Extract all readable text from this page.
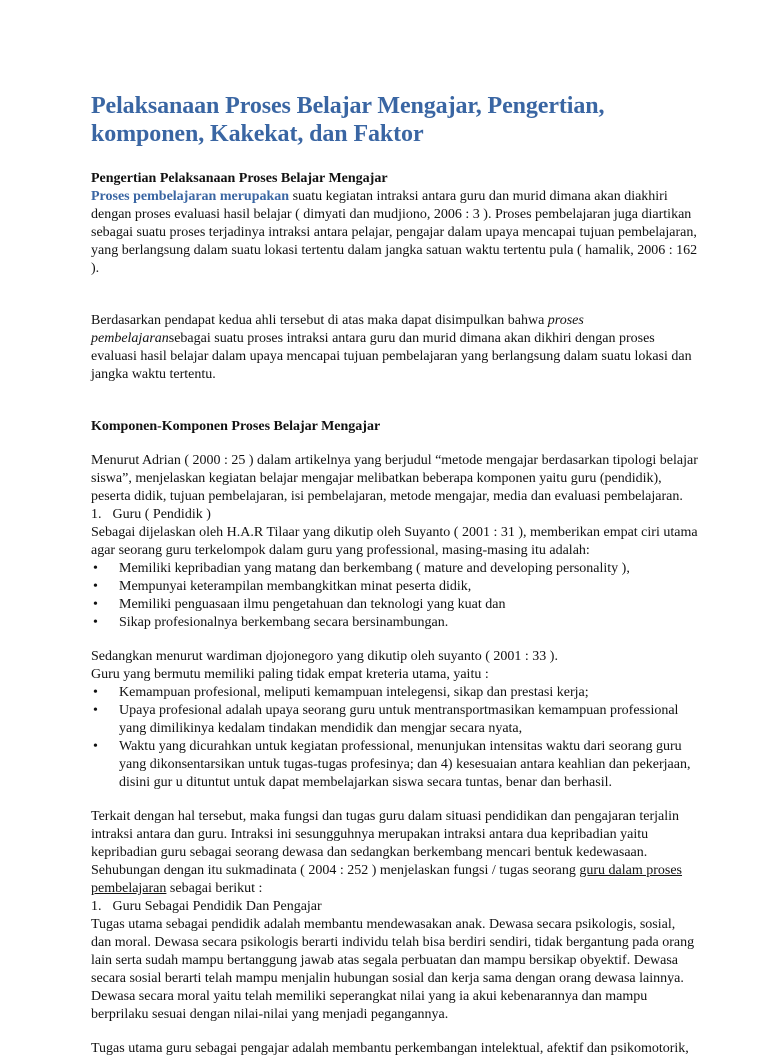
Pelaksanaan Proses Belajar Mengajar, Pengertian, komponen, Kakekat, dan Faktor

Pengertian Pelaksanaan Proses Belajar Mengajar

Proses pembelajaran merupakan suatu kegiatan intraksi antara guru dan murid dimana akan diakhiri dengan proses evaluasi hasil belajar ( dimyati dan mudjiono, 2006 : 3 ). Proses pembelajaran juga diartikan sebagai suatu proses terjadinya intraksi antara pelajar, pengajar dalam upaya mencapai tujuan pembelajaran, yang berlangsung dalam suatu lokasi tertentu dalam jangka satuan waktu tertentu pula ( hamalik, 2006 : 162 ).

Berdasarkan pendapat kedua ahli tersebut di atas maka dapat disimpulkan bahwa proses pembelajaransebagai suatu proses intraksi antara guru dan murid dimana akan dikhiri dengan proses evaluasi hasil belajar dalam upaya mencapai tujuan pembelajaran yang berlangsung dalam suatu lokasi dan jangka waktu tertentu.

Komponen-Komponen Proses Belajar Mengajar

Menurut Adrian ( 2000 : 25 ) dalam artikelnya yang berjudul “metode mengajar berdasarkan tipologi belajar siswa”, menjelaskan kegiatan belajar mengajar melibatkan beberapa komponen yaitu guru (pendidik), peserta didik, tujuan pembelajaran, isi pembelajaran, metode mengajar, media dan evaluasi pembelajaran.

1. Guru ( Pendidik )

Sebagai dijelaskan oleh H.A.R Tilaar yang dikutip oleh Suyanto ( 2001 : 31 ), memberikan empat ciri utama agar seorang guru terkelompok dalam guru yang professional, masing-masing itu adalah:

• Memiliki kepribadian yang matang dan berkembang ( mature and developing personality ),
• Mempunyai keterampilan membangkitkan minat peserta didik,
• Memiliki penguasaan ilmu pengetahuan dan teknologi yang kuat dan
• Sikap profesionalnya berkembang secara bersinambungan.

Sedangkan menurut wardiman djojonegoro yang dikutip oleh suyanto ( 2001 : 33 ).

Guru yang bermutu memiliki paling tidak empat kreteria utama, yaitu :

• Kemampuan profesional, meliputi kemampuan intelegensi, sikap dan prestasi kerja;
• Upaya profesional adalah upaya seorang guru untuk mentransportmasikan kemampuan professional yang dimilikinya kedalam tindakan mendidik dan mengjar secara nyata,
• Waktu yang dicurahkan untuk kegiatan professional, menunjukan intensitas waktu dari seorang guru yang dikonsentarsikan untuk tugas-tugas profesinya; dan 4) kesesuaian antara keahlian dan pekerjaan, disini gur u dituntut untuk dapat membelajarkan siswa secara tuntas, benar dan berhasil.

Terkait dengan hal tersebut, maka fungsi dan tugas guru dalam situasi pendidikan dan pengajaran terjalin intraksi antara dan guru. Intraksi ini sesungguhnya merupakan intraksi antara dua kepribadian yaitu kepribadian guru sebagai seorang dewasa dan sedangkan berkembang mencari bentuk kedewasaan. Sehubungan dengan itu sukmadinata ( 2004 : 252 ) menjelaskan fungsi / tugas seorang guru dalam proses pembelajaran sebagai berikut :

1. Guru Sebagai Pendidik Dan Pengajar

Tugas utama sebagai pendidik adalah membantu mendewasakan anak. Dewasa secara psikologis, sosial, dan moral. Dewasa secara psikologis berarti individu telah bisa berdiri sendiri, tidak bergantung pada orang lain serta sudah mampu bertanggung jawab atas segala perbuatan dan mampu bersikap obyektif. Dewasa secara sosial berarti telah mampu menjalin hubungan sosial dan kerja sama dengan orang dewasa lainnya. Dewasa secara moral yaitu telah memiliki seperangkat nilai yang ia akui kebenarannya dan mampu berprilaku sesuai dengan nilai-nilai yang menjadi pegangannya.

Tugas utama guru sebagai pengajar adalah membantu perkembangan intelektual, afektif dan psikomotorik,
